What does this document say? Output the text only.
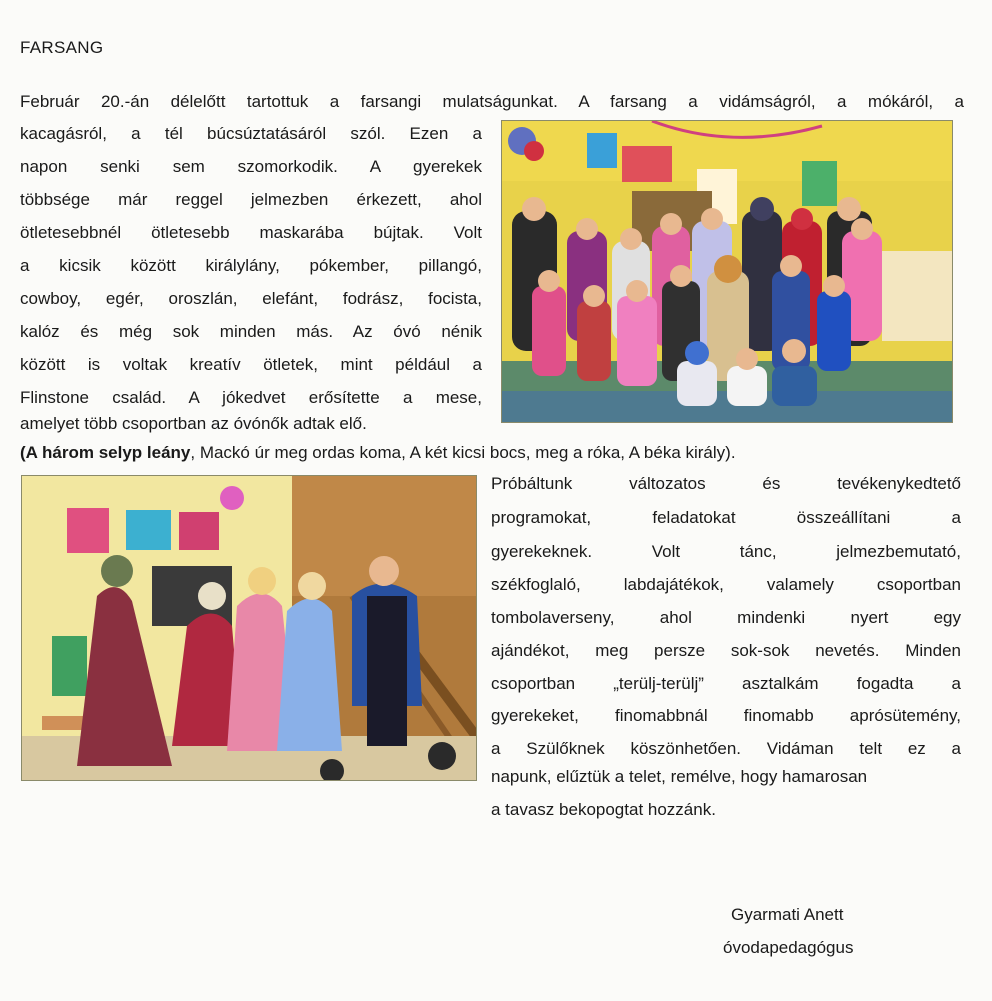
FARSANG
Február 20.-án délelőtt tartottuk a farsangi mulatságunkat. A farsang a vidámságról, a mókáról, a
kacagásról, a tél búcsúztatásáról szól. Ezen a
napon senki sem szomorkodik. A gyerekek
többsége már reggel jelmezben érkezett, ahol
ötletesebbnél ötletesebb maskarába bújtak. Volt
a kicsik között királylány, pókember, pillangó,
cowboy, egér, oroszlán, elefánt, fodrász, focista,
kalóz és még sok minden más. Az óvó nénik
között is voltak kreatív ötletek, mint például a
Flinstone család. A jókedvet erősítette a mese,
amelyet több csoportban az óvónők adtak elő.
(A három selyp leány, Mackó úr meg ordas koma, A két kicsi bocs, meg a róka, A béka király).
Próbáltunk változatos és tevékenykedtető
programokat, feladatokat összeállítani a
gyerekeknek. Volt tánc, jelmezbemutató,
székfoglaló, labdajátékok, valamely csoportban
tombolaverseny, ahol mindenki nyert egy
ajándékot, meg persze sok-sok nevetés. Minden
csoportban „terülj-terülj” asztalkám fogadta a
gyerekeket, finomabbnál finomabb aprósütemény,
a Szülőknek köszönhetően. Vidáman telt ez a
napunk, elűztük a telet, remélve, hogy hamarosan
a tavasz bekopogtat hozzánk.
Gyarmati Anett
óvodapedagógus
